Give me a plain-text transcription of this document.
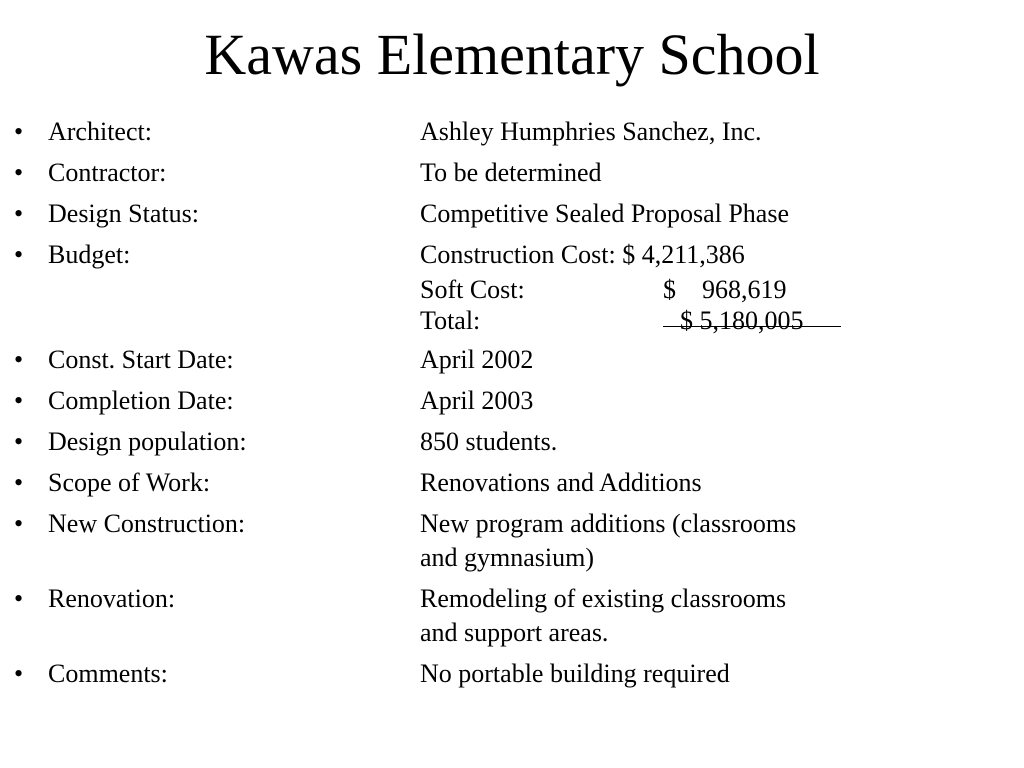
Kawas Elementary School
• Architect:	Ashley Humphries Sanchez, Inc.
• Contractor:	To be determined
• Design Status:	Competitive Sealed Proposal Phase
• Budget:	Construction Cost: $ 4,211,386
Soft Cost:	$    968,619
Total:	$ 5,180,005
• Const. Start Date:	April 2002
• Completion Date:	April 2003
• Design population:	850 students.
• Scope of Work:	Renovations and Additions
• New Construction:	New program additions (classrooms
and gymnasium)
• Renovation:	Remodeling of existing classrooms
and support areas.
• Comments:	No portable building required
